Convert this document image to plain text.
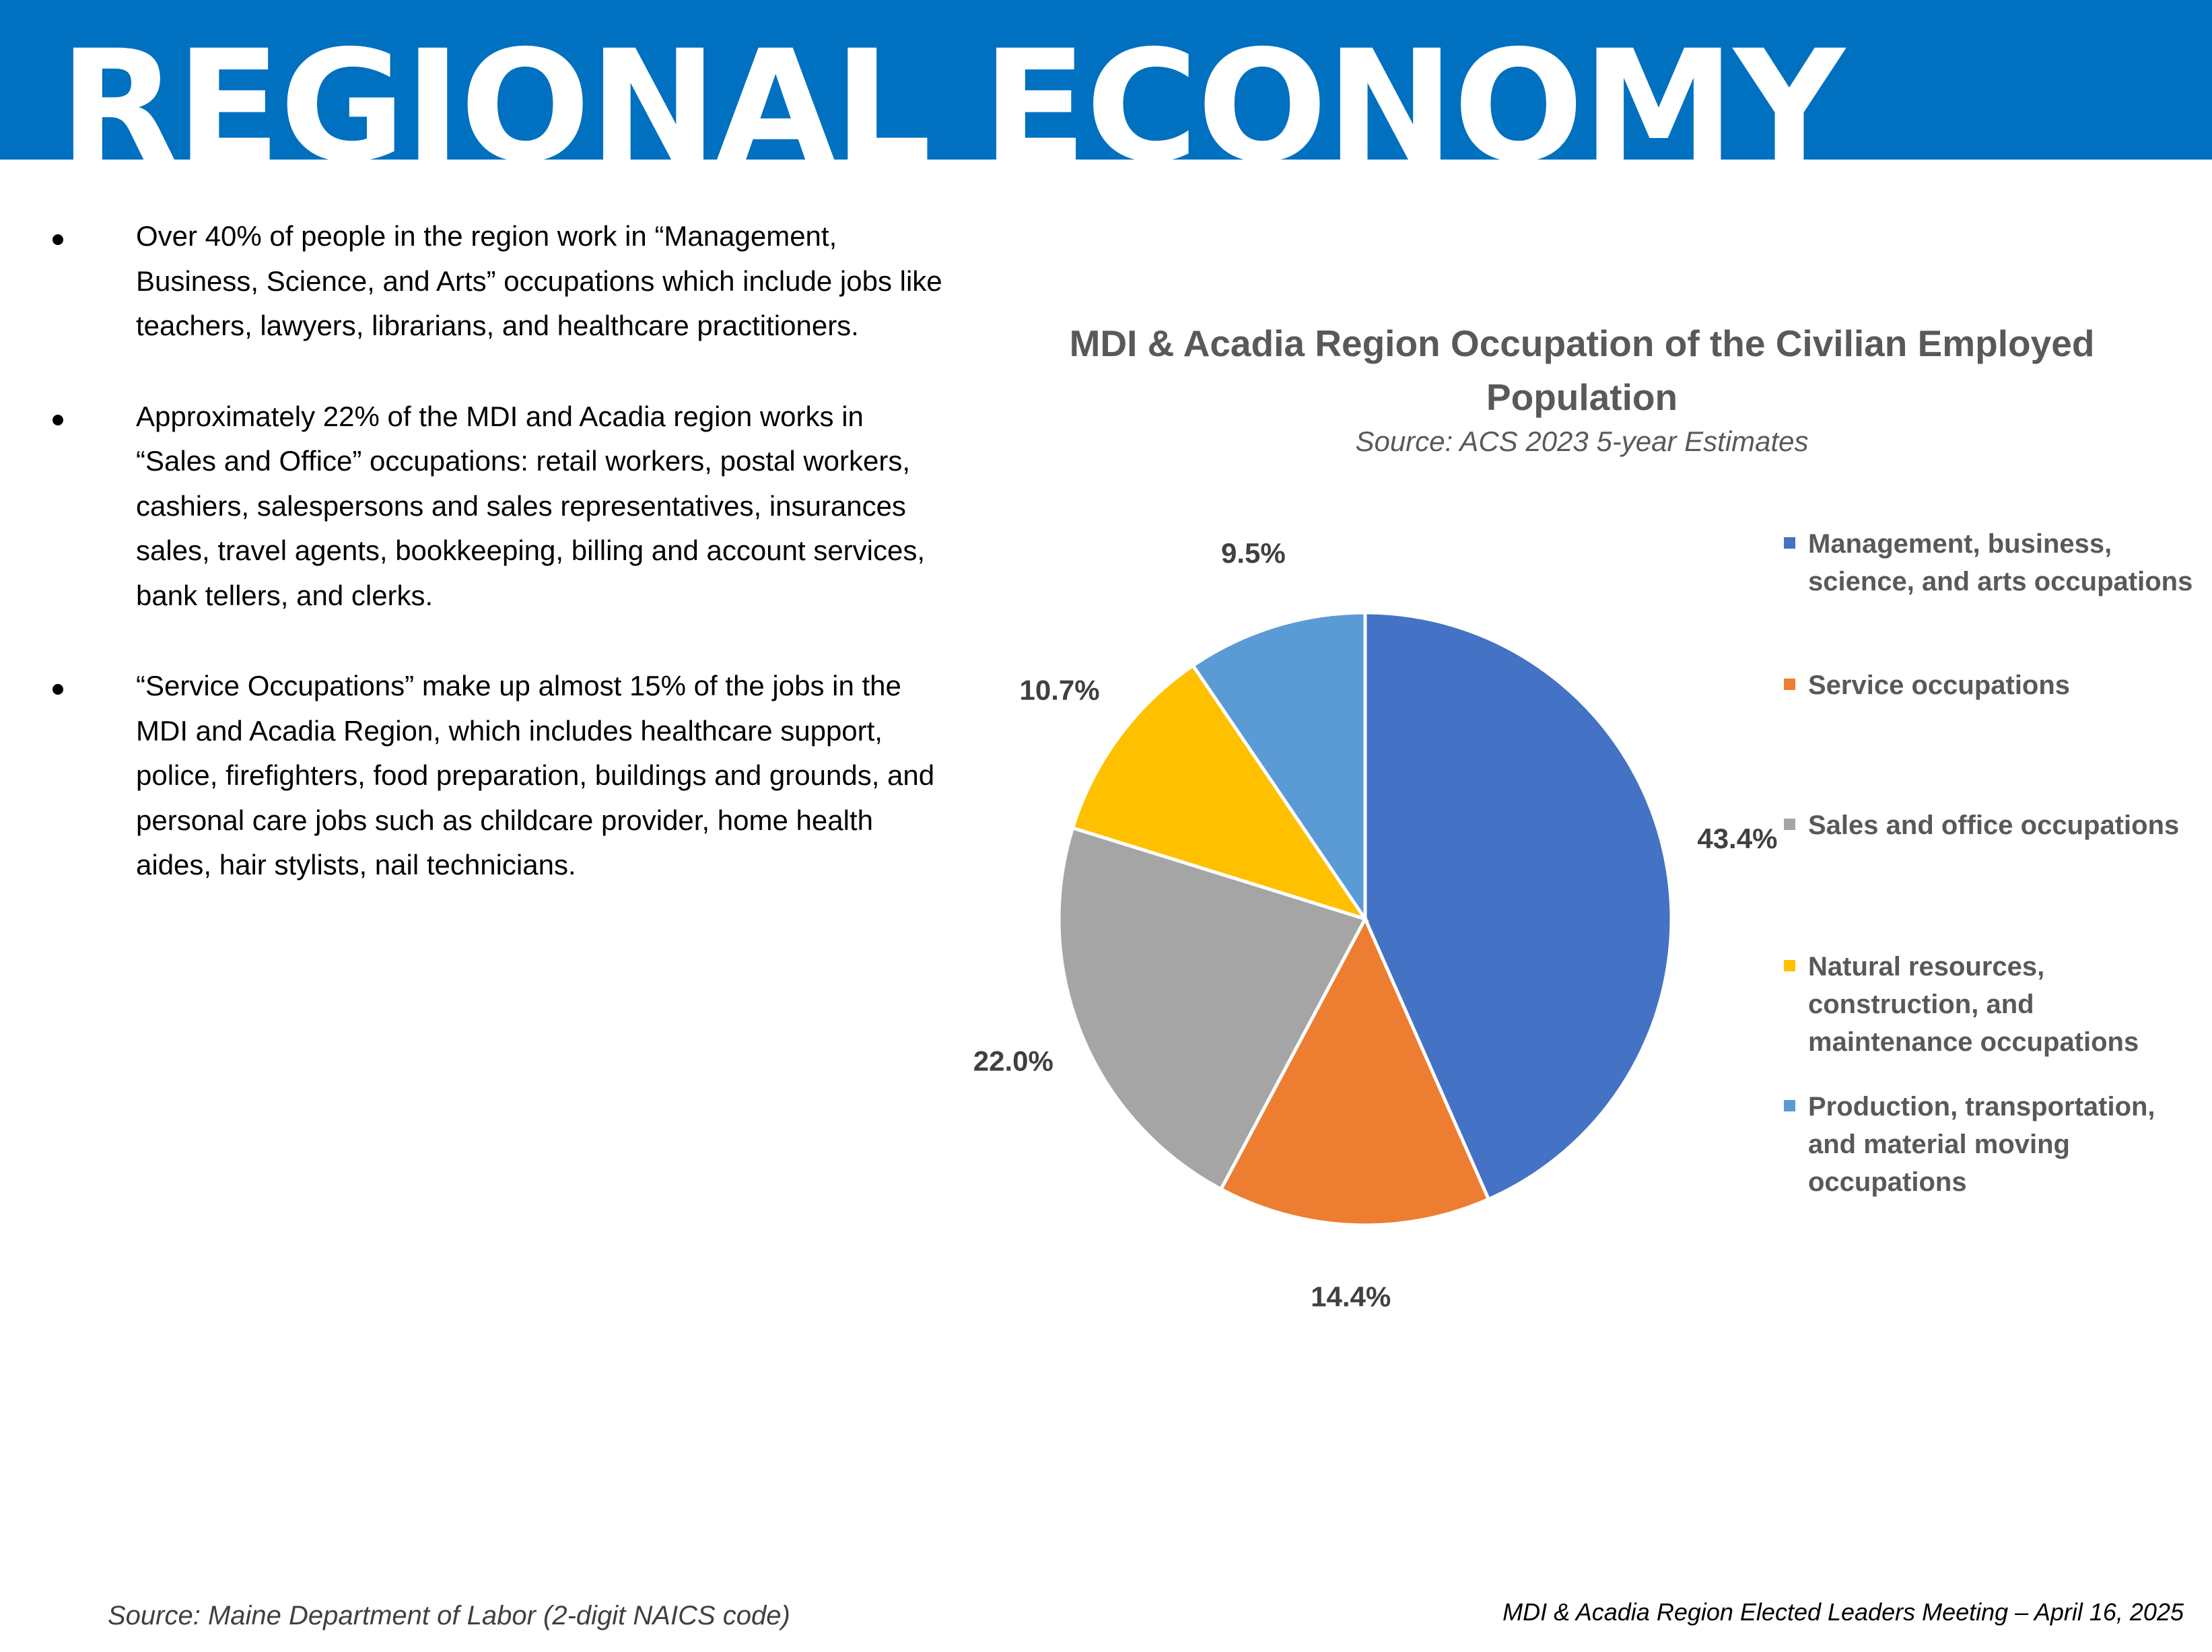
REGIONAL ECONOMY
Over 40% of people in the region work in “Management, Business, Science, and Arts” occupations which include jobs like teachers, lawyers, librarians, and healthcare practitioners.
Approximately 22% of the MDI and Acadia region works in “Sales and Office” occupations: retail workers, postal workers, cashiers, salespersons and sales representatives, insurances sales, travel agents, bookkeeping, billing and account services, bank tellers, and clerks.
“Service Occupations” make up almost 15% of the jobs in the MDI and Acadia Region, which includes healthcare support, police, firefighters, food preparation, buildings and grounds, and personal care jobs such as childcare provider, home health aides, hair stylists, nail technicians.
MDI & Acadia Region Occupation of the Civilian Employed Population

Source: ACS 2023 5-year Estimates

43.4%
14.4%
22.0%
10.7%
9.5%	Management, business, science, and arts occupations
Service occupations
Sales and office occupations
Natural resources, construction, and maintenance occupations
Production, transportation, and material moving occupations

Source: Maine Department of Labor (2-digit NAICS code)	MDI & Acadia Region Elected Leaders Meeting – April 16, 2025
